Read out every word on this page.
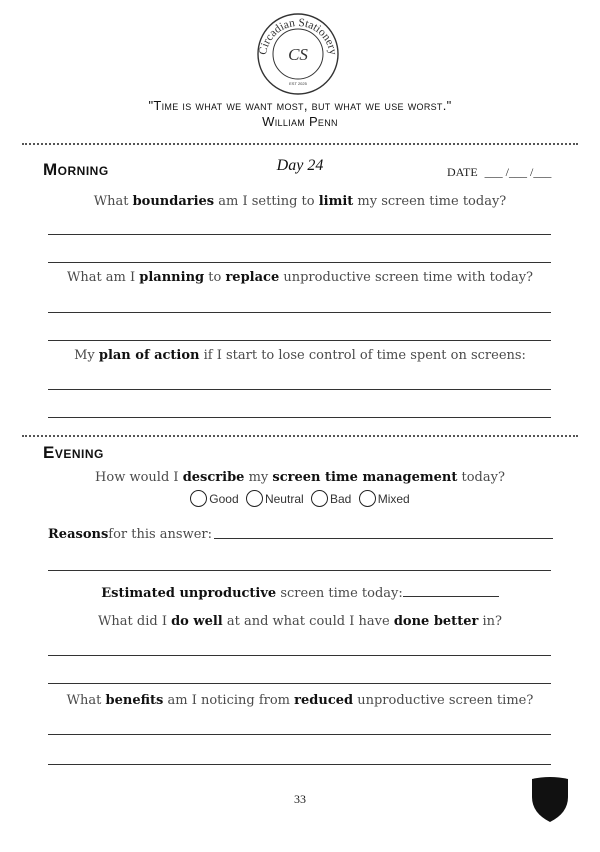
Circadian Stationery
CS
EST 2025
"Time is what we want most, but what we use worst."
William Penn
Morning	Day 24	DATE ___ /___ /___
What boundaries am I setting to limit my screen time today?
What am I planning to replace unproductive screen time with today?
My plan of action if I start to lose control of time spent on screens:
Evening
How would I describe my screen time management today?
Good
Neutral
Bad
Mixed
Reasons for this answer:
Estimated unproductive screen time today:
What did I do well at and what could I have done better in?
What benefits am I noticing from reduced unproductive screen time?
33
